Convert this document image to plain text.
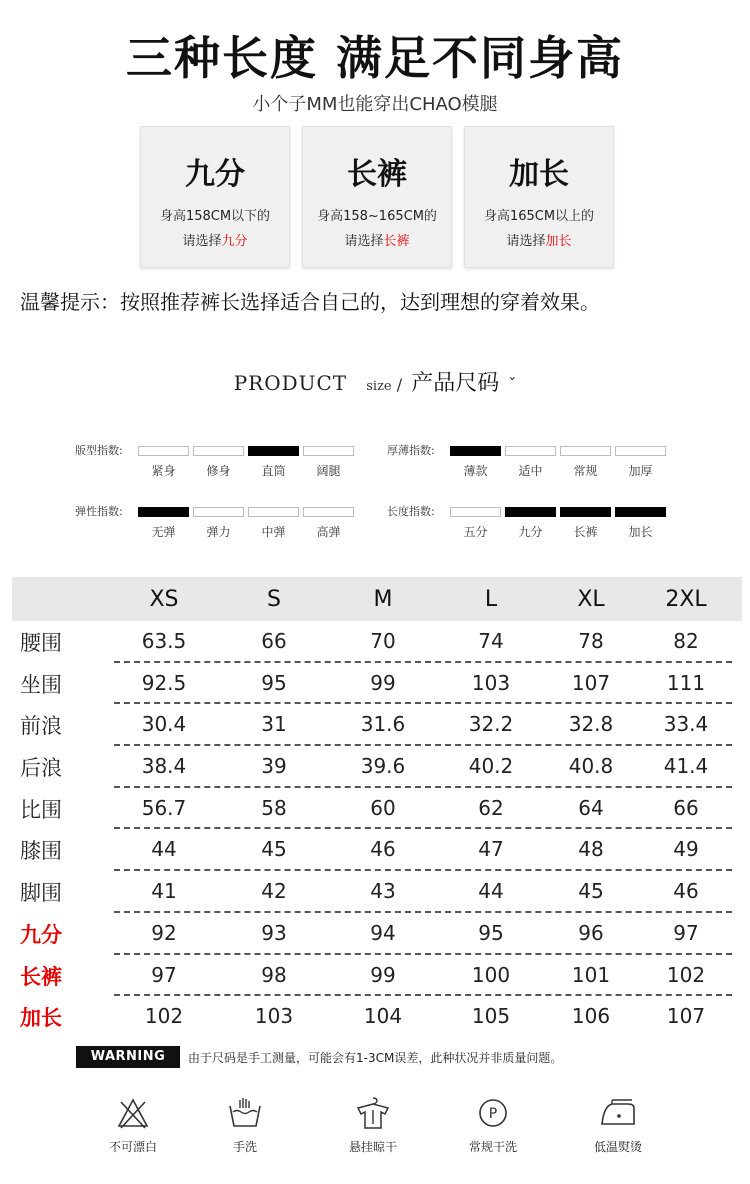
三种长度 满足不同身高
小个子MM也能穿出CHAO模腿
九分
身高158CM以下的
请选择九分
长裤
身高158~165CM的
请选择长裤
加长
身高165CM以上的
请选择加长
温馨提示：按照推荐裤长选择适合自己的，达到理想的穿着效果。
PRODUCT size / 产品尺码 ˇ
版型指数:
紧身	修身	直筒	阔腿
厚薄指数:
薄款	适中	常规	加厚
弹性指数:
无弹	弹力	中弹	高弹
长度指数:
五分	九分	长裤	加长
XS	S	M	L	XL	2XL
腰围	63.5	66	70	74	78	82
坐围	92.5	95	99	103	107	111
前浪	30.4	31	31.6	32.2	32.8	33.4
后浪	38.4	39	39.6	40.2	40.8	41.4
比围	56.7	58	60	62	64	66
膝围	44	45	46	47	48	49
脚围	41	42	43	44	45	46
九分	92	93	94	95	96	97
长裤	97	98	99	100	101	102
加长	102	103	104	105	106	107
WARNING	由于尺码是手工测量，可能会有1-3CM误差，此种状况并非质量问题。
不可漂白	手洗	悬挂晾干
P
常规干洗	低温熨烫
